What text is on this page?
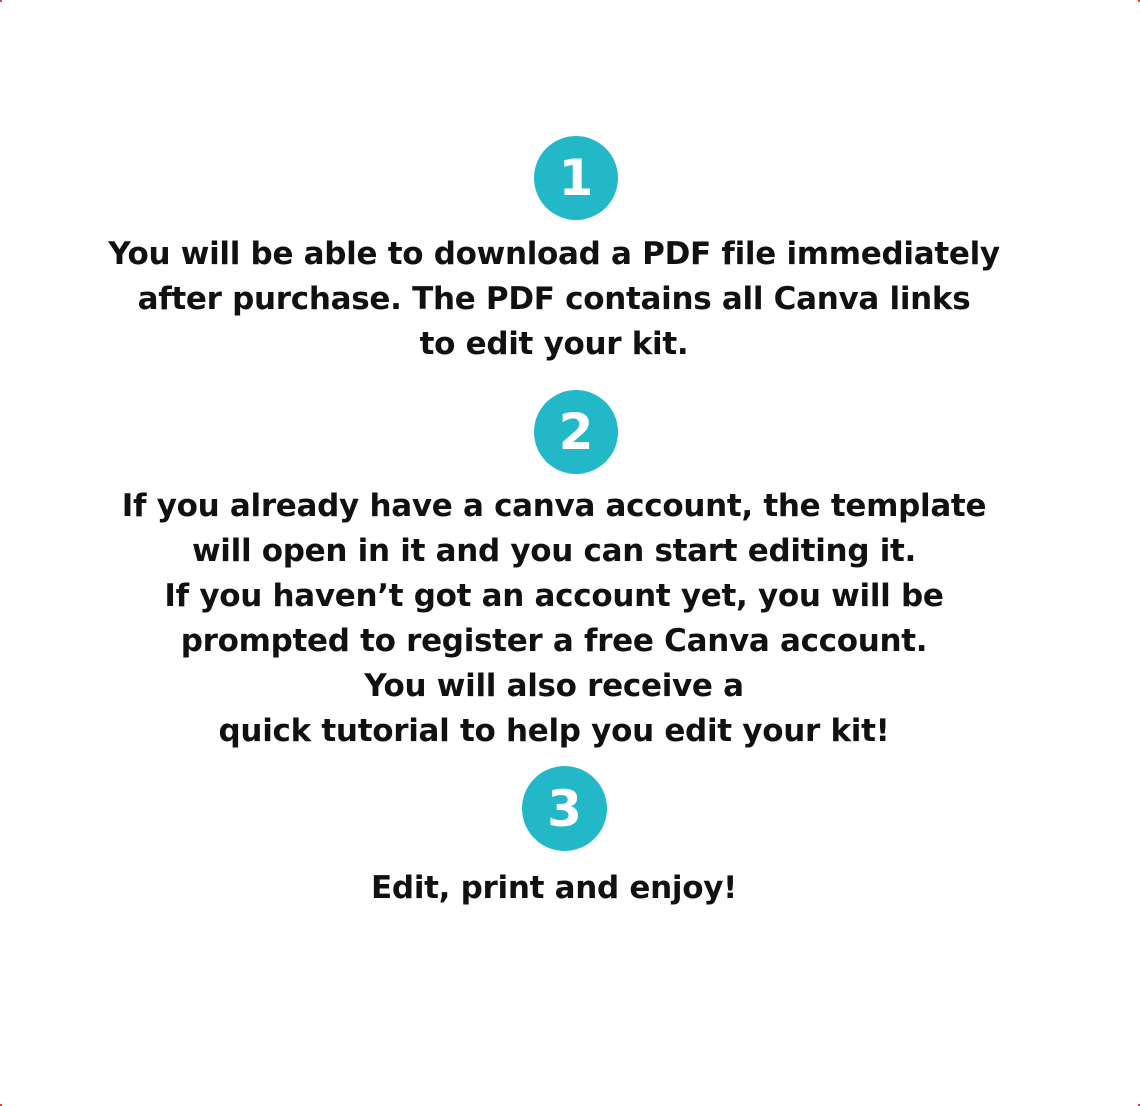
1
You will be able to download a PDF file immediately
after purchase. The PDF contains all Canva links
to edit your kit.
2
If you already have a canva account, the template
will open in it and you can start editing it.
If you haven’t got an account yet, you will be
prompted to register a free Canva account.
You will also receive a
quick tutorial to help you edit your kit!
3
Edit, print and enjoy!
